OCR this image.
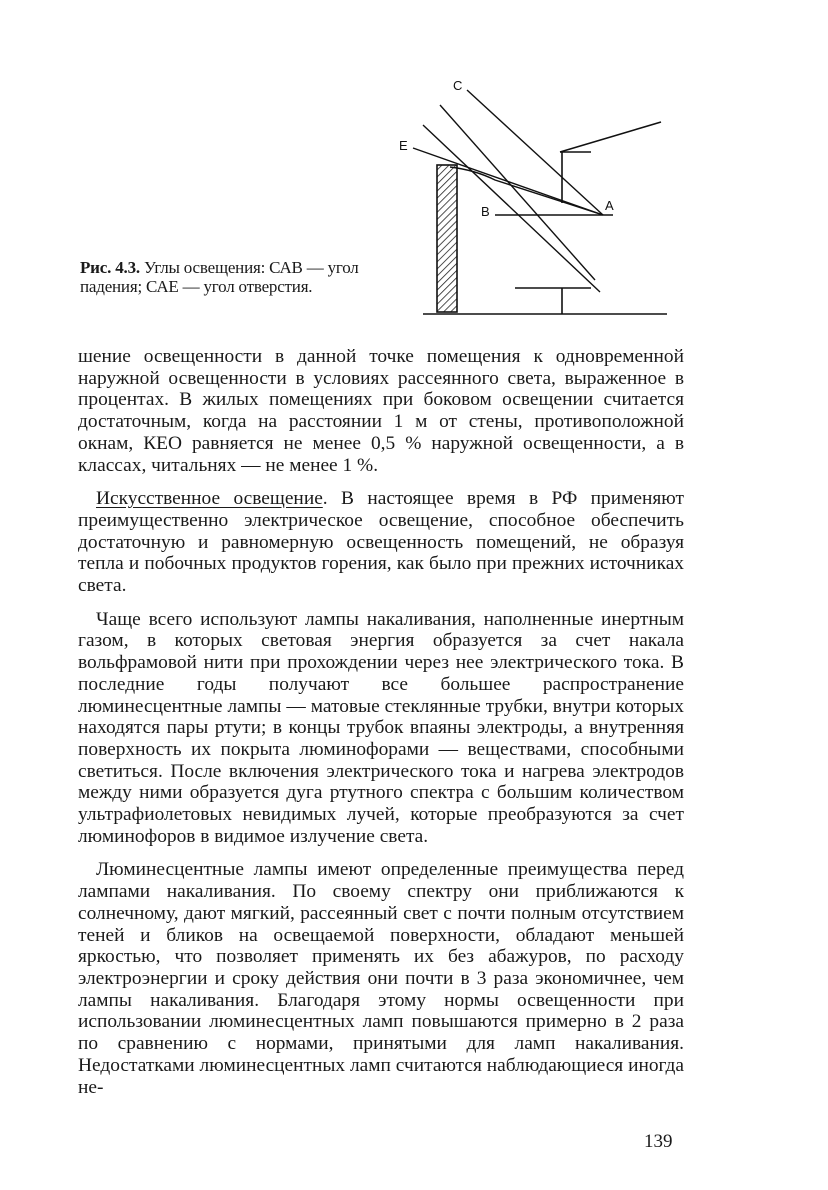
С
Е
В	А
Рис. 4.3. Углы освещения: САВ — угол падения; САЕ — угол отверстия.

шение освещенности в данной точке помещения к одновременной наружной освещенности в условиях рассеянного света, выраженное в процентах. В жилых помещениях при боковом освещении считается достаточным, когда на расстоянии 1 м от стены, противоположной окнам, КЕО равняется не менее 0,5 % наружной освещенности, а в классах, читальнях — не менее 1 %.

Искусственное освещение. В настоящее время в РФ применяют преимущественно электрическое освещение, способное обеспечить достаточную и равномерную освещенность помещений, не образуя тепла и побочных продуктов горения, как было при прежних источниках света.

Чаще всего используют лампы накаливания, наполненные инертным газом, в которых световая энергия образуется за счет накала вольфрамовой нити при прохождении через нее электрического тока. В последние годы получают все большее распространение люминесцентные лампы — матовые стеклянные трубки, внутри которых находятся пары ртути; в концы трубок впаяны электроды, а внутренняя поверхность их покрыта люминофорами — веществами, способными светиться. После включения электрического тока и нагрева электродов между ними образуется дуга ртутного спектра с большим количеством ультрафиолетовых невидимых лучей, которые преобразуются за счет люминофоров в видимое излучение света.

Люминесцентные лампы имеют определенные преимущества перед лампами накаливания. По своему спектру они приближаются к солнечному, дают мягкий, рассеянный свет с почти полным отсутствием теней и бликов на освещаемой поверхности, обладают меньшей яркостью, что позволяет применять их без абажуров, по расходу электроэнергии и сроку действия они почти в 3 раза экономичнее, чем лампы накаливания. Благодаря этому нормы освещенности при использовании люминесцентных ламп повышаются примерно в 2 раза по сравнению с нормами, принятыми для ламп накаливания. Недостатками люминесцентных ламп считаются наблюдающиеся иногда не-

139
